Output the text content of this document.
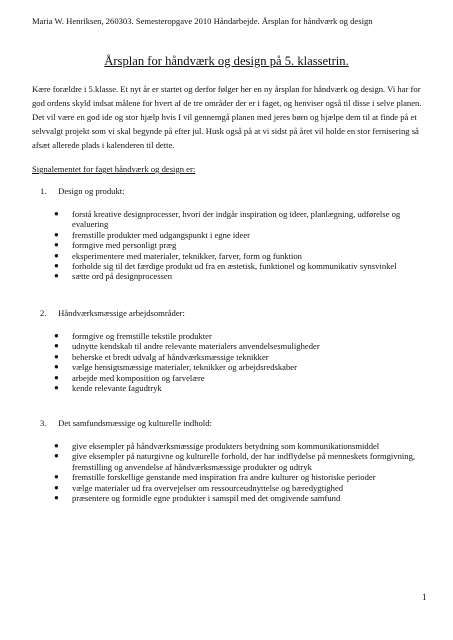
Maria W. Henriksen, 260303. Semesteropgave 2010 Håndarbejde. Årsplan for håndværk og design
Årsplan for håndværk og design på 5. klassetrin.

Kære forældre i 5.klasse. Et nyt år er startet og derfor følger her en ny årsplan for håndværk og design. Vi har for god ordens skyld indsat målene for hvert af de tre områder der er i faget, og henviser også til disse i selve planen. Det vil være en god ide og stor hjælp hvis I vil gennemgå planen med jeres børn og hjælpe dem til at finde på et selvvalgt projekt som vi skal begynde på efter jul. Husk også på at vi sidst på året vil holde en stor fernisering så afsæt allerede plads i kalenderen til dette.

Signalementet for faget håndværk og design er:
1. Design og produkt:
● forstå kreative designprocesser, hvori der indgår inspiration og ideer, planlægning, udførelse og evaluering
● fremstille produkter med udgangspunkt i egne ideer
● formgive med personligt præg
● eksperimentere med materialer, teknikker, farver, form og funktion
● forholde sig til det færdige produkt ud fra en æstetisk, funktionel og kommunikativ synsvinkel
● sætte ord på designprocessen
2. Håndværksmæssige arbejdsområder:
● formgive og fremstille tekstile produkter
● udnytte kendskab til andre relevante materialers anvendelsesmuligheder
● beherske et bredt udvalg af håndværksmæssige teknikker
● vælge hensigtsmæssige materialer, teknikker og arbejdsredskaber
● arbejde med komposition og farvelære
● kende relevante fagudtryk
3. Det samfundsmæssige og kulturelle indhold:
● give eksempler på håndværksmæssige produkters betydning som kommunikationsmiddel
● give eksempler på naturgivne og kulturelle forhold, der har indflydelse på menneskets formgivning, fremstilling og anvendelse af håndværksmæssige produkter og udtryk
● fremstille forskellige genstande med inspiration fra andre kulturer og historiske perioder
● vælge materialer ud fra overvejelser om ressourceudnyttelse og bæredygtighed
● præsentere og formidle egne produkter i samspil med det omgivende samfund
1
